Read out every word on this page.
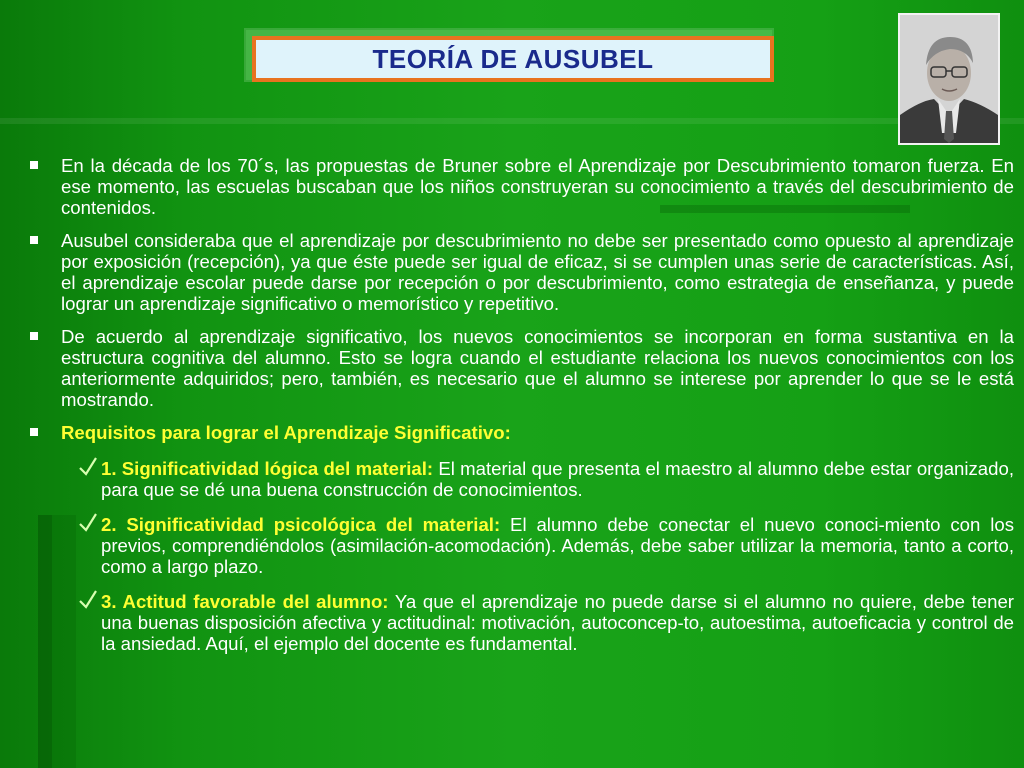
TEORÍA DE AUSUBEL
En la década de los 70´s, las propuestas de Bruner sobre el Aprendizaje por Descubrimiento tomaron fuerza. En ese momento, las escuelas buscaban que los niños construyeran su conocimiento a través del descubrimiento de contenidos.
Ausubel consideraba que el aprendizaje por descubrimiento no debe ser presentado como opuesto al aprendizaje por exposición (recepción), ya que éste puede ser igual de eficaz, si se cumplen unas serie de características. Así, el aprendizaje escolar puede darse por recepción o por descubrimiento, como estrategia de enseñanza, y puede lograr un aprendizaje significativo o memorístico y repetitivo.
De acuerdo al aprendizaje significativo, los nuevos conocimientos se incorporan en forma sustantiva en la estructura cognitiva del alumno. Esto se logra cuando el estudiante relaciona los nuevos conocimientos con los anteriormente adquiridos; pero, también, es necesario que el alumno se interese por aprender lo que se le está mostrando.
Requisitos para lograr el Aprendizaje Significativo:
1. Significatividad lógica del material: El material que presenta el maestro al alumno debe estar organizado, para que se dé una buena construcción de conocimientos.
2. Significatividad psicológica del material: El alumno debe conectar el nuevo conoci-miento con los previos, comprendiéndolos (asimilación-acomodación). Además, debe saber utilizar la memoria, tanto a corto, como a largo plazo.
3. Actitud favorable del alumno: Ya que el aprendizaje no puede darse si el alumno no quiere, debe tener una buenas disposición afectiva y actitudinal: motivación, autoconcep-to, autoestima, autoeficacia y control de la ansiedad. Aquí, el ejemplo del docente es fundamental.
